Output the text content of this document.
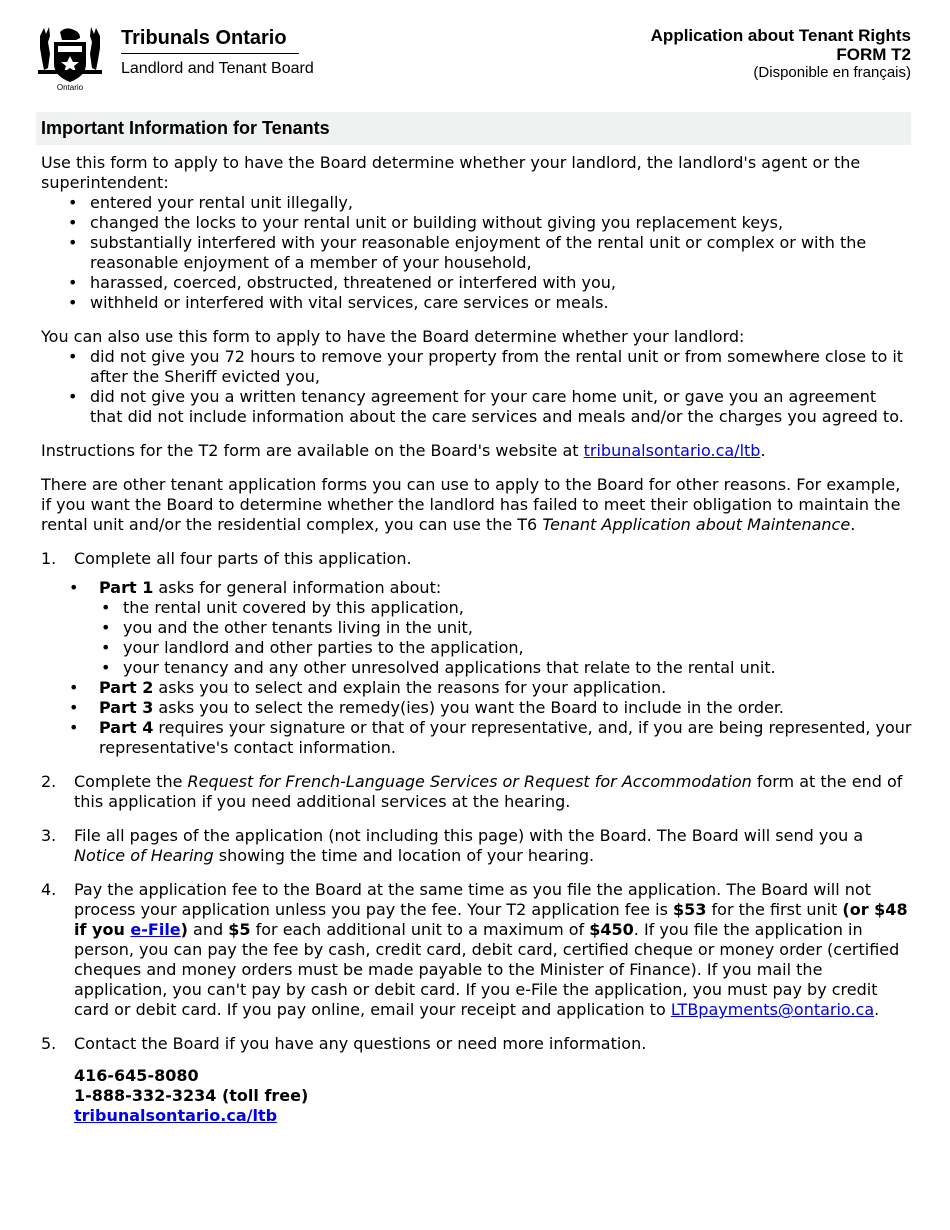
Ontario
Tribunals Ontario
Landlord and Tenant Board
Application about Tenant Rights
FORM T2
(Disponible en français)
Important Information for Tenants

Use this form to apply to have the Board determine whether your landlord, the landlord's agent or the superintendent:

• entered your rental unit illegally,
• changed the locks to your rental unit or building without giving you replacement keys,
• substantially interfered with your reasonable enjoyment of the rental unit or complex or with the reasonable enjoyment of a member of your household,
• harassed, coerced, obstructed, threatened or interfered with you,
• withheld or interfered with vital services, care services or meals.

You can also use this form to apply to have the Board determine whether your landlord:

• did not give you 72 hours to remove your property from the rental unit or from somewhere close to it after the Sheriff evicted you,
• did not give you a written tenancy agreement for your care home unit, or gave you an agreement that did not include information about the care services and meals and/or the charges you agreed to.

Instructions for the T2 form are available on the Board's website at tribunalsontario.ca/ltb.

There are other tenant application forms you can use to apply to the Board for other reasons. For example, if you want the Board to determine whether the landlord has failed to meet their obligation to maintain the rental unit and/or the residential complex, you can use the T6 Tenant Application about Maintenance.

1. Complete all four parts of this application.
• Part 1 asks for general information about:
• the rental unit covered by this application,
• you and the other tenants living in the unit,
• your landlord and other parties to the application,
• your tenancy and any other unresolved applications that relate to the rental unit.
• Part 2 asks you to select and explain the reasons for your application.
• Part 3 asks you to select the remedy(ies) you want the Board to include in the order.
• Part 4 requires your signature or that of your representative, and, if you are being represented, your representative's contact information.
2. Complete the Request for French-Language Services or Request for Accommodation form at the end of this application if you need additional services at the hearing.
3. File all pages of the application (not including this page) with the Board. The Board will send you a Notice of Hearing showing the time and location of your hearing.
4. Pay the application fee to the Board at the same time as you file the application. The Board will not process your application unless you pay the fee. Your T2 application fee is $53 for the first unit (or $48 if you e-File) and $5 for each additional unit to a maximum of $450. If you file the application in person, you can pay the fee by cash, credit card, debit card, certified cheque or money order (certified cheques and money orders must be made payable to the Minister of Finance). If you mail the application, you can't pay by cash or debit card. If you e-File the application, you must pay by credit card or debit card. If you pay online, email your receipt and application to LTBpayments@ontario.ca.
5. Contact the Board if you have any questions or need more information.
416-645-8080
1-888-332-3234 (toll free)
tribunalsontario.ca/ltb
